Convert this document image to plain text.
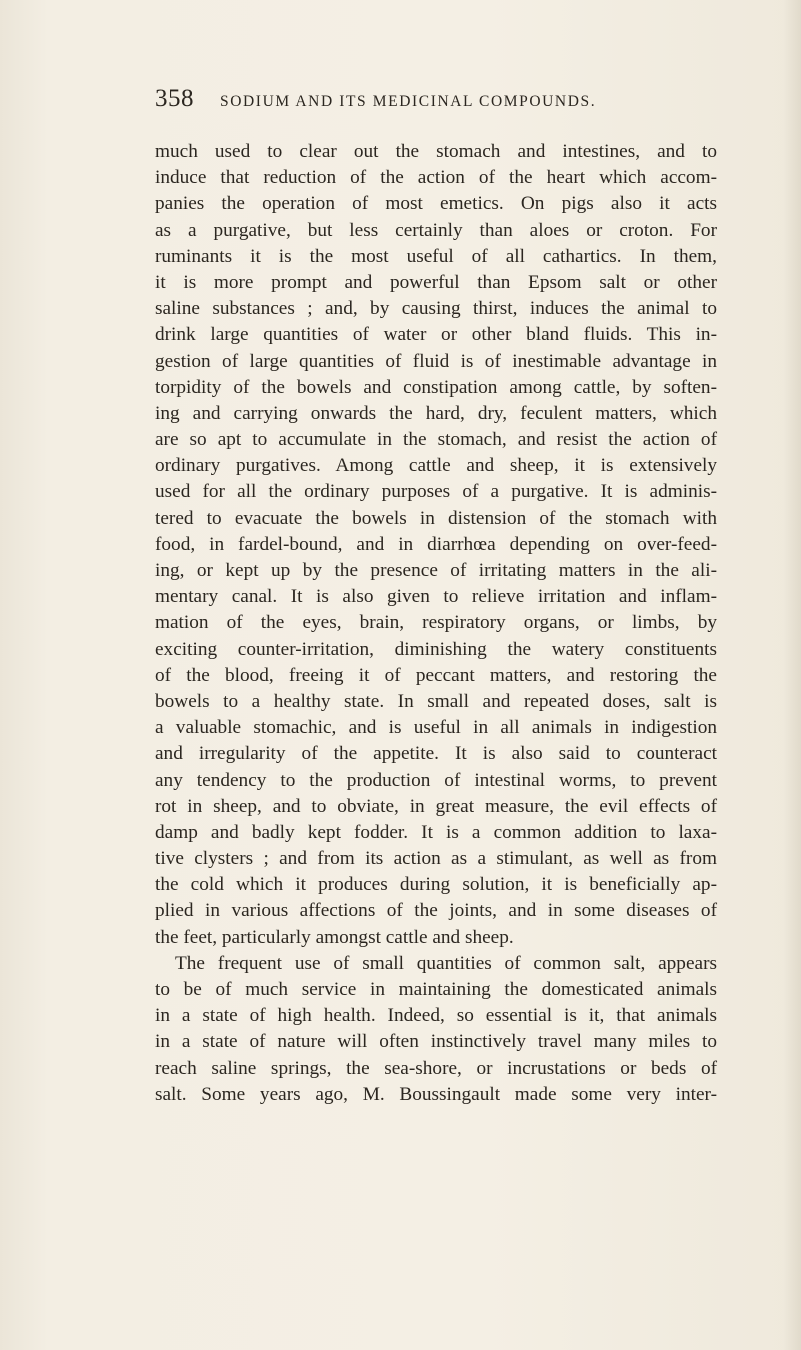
358 SODIUM AND ITS MEDICINAL COMPOUNDS.
much used to clear out the stomach and intestines, and to
induce that reduction of the action of the heart which accom-
panies the operation of most emetics. On pigs also it acts
as a purgative, but less certainly than aloes or croton. For
ruminants it is the most useful of all cathartics. In them,
it is more prompt and powerful than Epsom salt or other
saline substances ; and, by causing thirst, induces the animal to
drink large quantities of water or other bland fluids. This in-
gestion of large quantities of fluid is of inestimable advantage in
torpidity of the bowels and constipation among cattle, by soften-
ing and carrying onwards the hard, dry, feculent matters, which
are so apt to accumulate in the stomach, and resist the action of
ordinary purgatives. Among cattle and sheep, it is extensively
used for all the ordinary purposes of a purgative. It is adminis-
tered to evacuate the bowels in distension of the stomach with
food, in fardel-bound, and in diarrhœa depending on over-feed-
ing, or kept up by the presence of irritating matters in the ali-
mentary canal. It is also given to relieve irritation and inflam-
mation of the eyes, brain, respiratory organs, or limbs, by
exciting counter-irritation, diminishing the watery constituents
of the blood, freeing it of peccant matters, and restoring the
bowels to a healthy state. In small and repeated doses, salt is
a valuable stomachic, and is useful in all animals in indigestion
and irregularity of the appetite. It is also said to counteract
any tendency to the production of intestinal worms, to prevent
rot in sheep, and to obviate, in great measure, the evil effects of
damp and badly kept fodder. It is a common addition to laxa-
tive clysters ; and from its action as a stimulant, as well as from
the cold which it produces during solution, it is beneficially ap-
plied in various affections of the joints, and in some diseases of
the feet, particularly amongst cattle and sheep.
The frequent use of small quantities of common salt, appears
to be of much service in maintaining the domesticated animals
in a state of high health. Indeed, so essential is it, that animals
in a state of nature will often instinctively travel many miles to
reach saline springs, the sea-shore, or incrustations or beds of
salt. Some years ago, M. Boussingault made some very inter-
